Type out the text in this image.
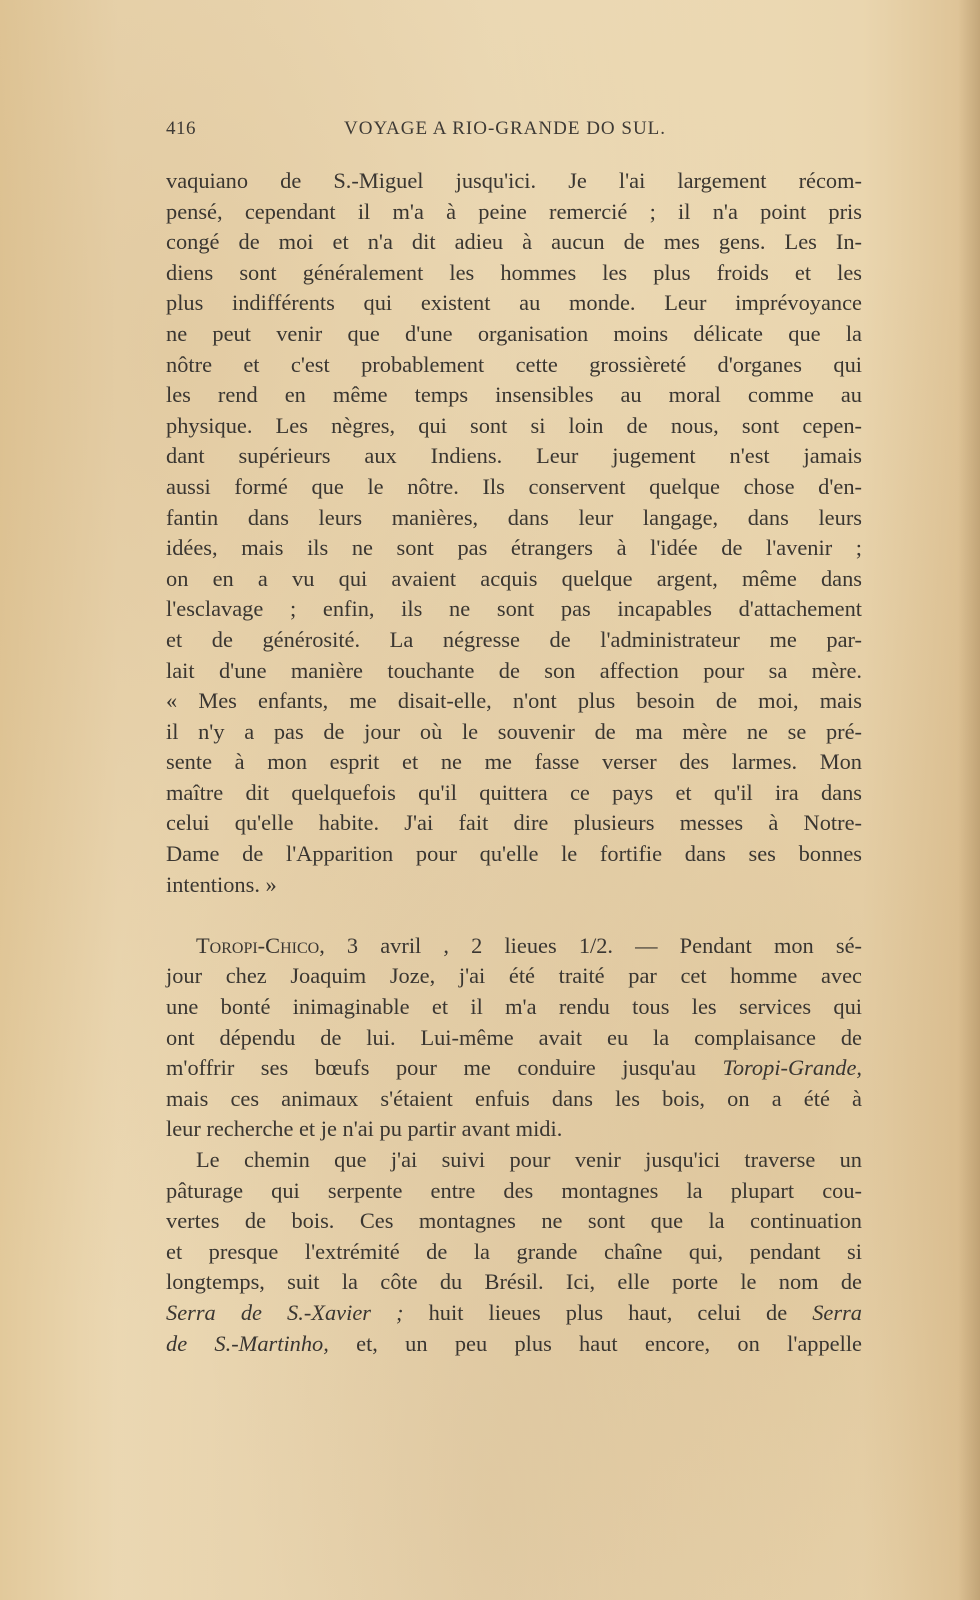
416	VOYAGE A RIO-GRANDE DO SUL.
vaquiano de S.-Miguel jusqu'ici. Je l'ai largement récom-
pensé, cependant il m'a à peine remercié ; il n'a point pris
congé de moi et n'a dit adieu à aucun de mes gens. Les In-
diens sont généralement les hommes les plus froids et les
plus indifférents qui existent au monde. Leur imprévoyance
ne peut venir que d'une organisation moins délicate que la
nôtre et c'est probablement cette grossièreté d'organes qui
les rend en même temps insensibles au moral comme au
physique. Les nègres, qui sont si loin de nous, sont cepen-
dant supérieurs aux Indiens. Leur jugement n'est jamais
aussi formé que le nôtre. Ils conservent quelque chose d'en-
fantin dans leurs manières, dans leur langage, dans leurs
idées, mais ils ne sont pas étrangers à l'idée de l'avenir ;
on en a vu qui avaient acquis quelque argent, même dans
l'esclavage ; enfin, ils ne sont pas incapables d'attachement
et de générosité. La négresse de l'administrateur me par-
lait d'une manière touchante de son affection pour sa mère.
« Mes enfants, me disait-elle, n'ont plus besoin de moi, mais
il n'y a pas de jour où le souvenir de ma mère ne se pré-
sente à mon esprit et ne me fasse verser des larmes. Mon
maître dit quelquefois qu'il quittera ce pays et qu'il ira dans
celui qu'elle habite. J'ai fait dire plusieurs messes à Notre-
Dame de l'Apparition pour qu'elle le fortifie dans ses bonnes
intentions. »
Toropi-Chico, 3 avril , 2 lieues 1/2. — Pendant mon sé-
jour chez Joaquim Joze, j'ai été traité par cet homme avec
une bonté inimaginable et il m'a rendu tous les services qui
ont dépendu de lui. Lui-même avait eu la complaisance de
m'offrir ses bœufs pour me conduire jusqu'au Toropi-Grande,
mais ces animaux s'étaient enfuis dans les bois, on a été à
leur recherche et je n'ai pu partir avant midi.
Le chemin que j'ai suivi pour venir jusqu'ici traverse un
pâturage qui serpente entre des montagnes la plupart cou-
vertes de bois. Ces montagnes ne sont que la continuation
et presque l'extrémité de la grande chaîne qui, pendant si
longtemps, suit la côte du Brésil. Ici, elle porte le nom de
Serra de S.-Xavier ; huit lieues plus haut, celui de Serra
de S.-Martinho, et, un peu plus haut encore, on l'appelle
